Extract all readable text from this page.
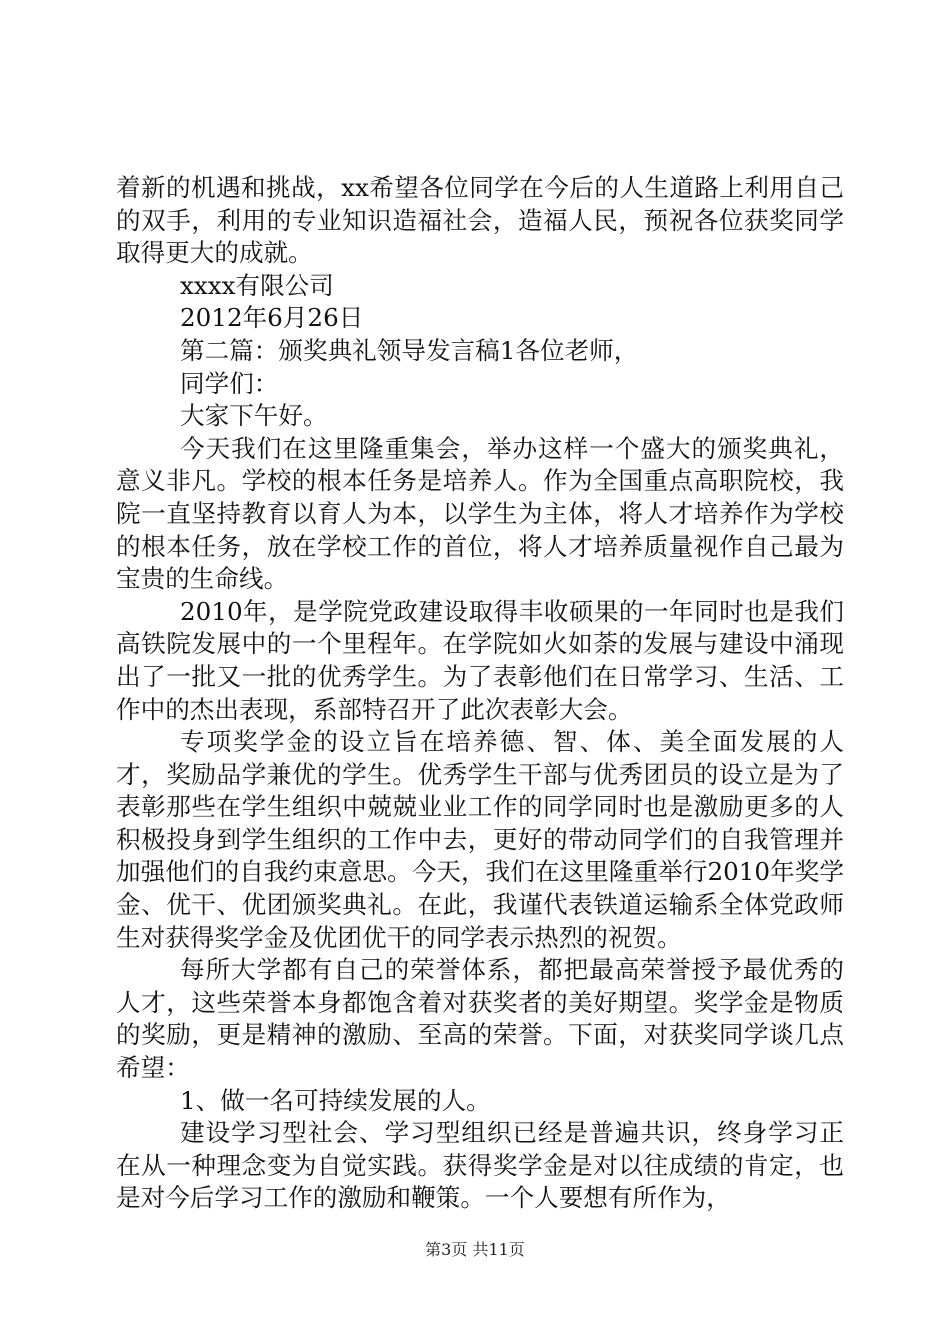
着新的机遇和挑战，xx希望各位同学在今后的人生道路上利用自己的双手，利用的专业知识造福社会，造福人民，预祝各位获奖同学取得更大的成就。

xxxx有限公司

2012年6月26日

第二篇：颁奖典礼领导发言稿1各位老师，

同学们：

大家下午好。

今天我们在这里隆重集会，举办这样一个盛大的颁奖典礼，意义非凡。学校的根本任务是培养人。作为全国重点高职院校，我院一直坚持教育以育人为本，以学生为主体，将人才培养作为学校的根本任务，放在学校工作的首位，将人才培养质量视作自己最为宝贵的生命线。

2010年，是学院党政建设取得丰收硕果的一年同时也是我们高铁院发展中的一个里程年。在学院如火如荼的发展与建设中涌现出了一批又一批的优秀学生。为了表彰他们在日常学习、生活、工作中的杰出表现，系部特召开了此次表彰大会。

专项奖学金的设立旨在培养德、智、体、美全面发展的人才，奖励品学兼优的学生。优秀学生干部与优秀团员的设立是为了表彰那些在学生组织中兢兢业业工作的同学同时也是激励更多的人积极投身到学生组织的工作中去，更好的带动同学们的自我管理并加强他们的自我约束意思。今天，我们在这里隆重举行2010年奖学金、优干、优团颁奖典礼。在此，我谨代表铁道运输系全体党政师生对获得奖学金及优团优干的同学表示热烈的祝贺。

每所大学都有自己的荣誉体系，都把最高荣誉授予最优秀的人才，这些荣誉本身都饱含着对获奖者的美好期望。奖学金是物质的奖励，更是精神的激励、至高的荣誉。下面，对获奖同学谈几点希望：

1、做一名可持续发展的人。

建设学习型社会、学习型组织已经是普遍共识，终身学习正在从一种理念变为自觉实践。获得奖学金是对以往成绩的肯定，也是对今后学习工作的激励和鞭策。一个人要想有所作为，

第3页 共11页
